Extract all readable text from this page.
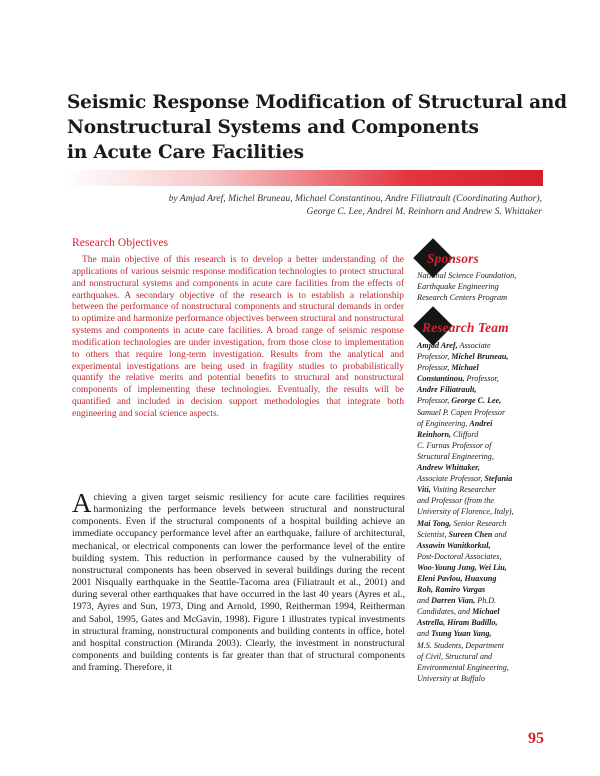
Seismic Response Modification of Structural and
Nonstructural Systems and Components
in Acute Care Facilities
by Amjad Aref, Michel Bruneau, Michael Constantinou, Andre Filiatrault (Coordinating Author),
George C. Lee, Andrei M. Reinhorn and Andrew S. Whittaker
Research Objectives

The main objective of this research is to develop a better understanding of the applications of various seismic response modification technologies to protect structural and nonstructural systems and components in acute care facilities from the effects of earthquakes. A secondary objective of the research is to establish a relationship between the performance of nonstructural components and structural demands in order to optimize and harmonize performance objectives between structural and nonstructural systems and components in acute care facilities. A broad range of seismic response modification technologies are under investigation, from those close to implementation to others that require long-term investigation. Results from the analytical and experimental investigations are being used in fragility studies to probabilistically quantify the relative merits and potential benefits to structural and nonstructural components of implementing these technologies. Eventually, the results will be quantified and included in decision support methodologies that integrate both engineering and social science aspects.

Achieving a given target seismic resiliency for acute care facilities requires harmonizing the performance levels between structural and nonstructural components. Even if the structural components of a hospital building achieve an immediate occupancy performance level after an earthquake, failure of architectural, mechanical, or electrical components can lower the performance level of the entire building system. This reduction in performance caused by the vulnerability of nonstructural components has been observed in several buildings during the recent 2001 Nisqually earthquake in the Seattle-Tacoma area (Filiatrault et al., 2001) and during several other earthquakes that have occurred in the last 40 years (Ayres et al., 1973, Ayres and Sun, 1973, Ding and Arnold, 1990, Reitherman 1994, Reitherman and Sabol, 1995, Gates and McGavin, 1998). Figure 1 illustrates typical investments in structural framing, nonstructural components and building contents in office, hotel and hospital construction (Miranda 2003). Clearly, the investment in nonstructural components and building contents is far greater than that of structural components and framing. Therefore, it

Sponsors
National Science Foundation,
Earthquake Engineering
Research Centers Program
Research Team
Amjad Aref, Associate
Professor, Michel Bruneau,
Professor, Michael
Constantinou, Professor,
Andre Filiatrault,
Professor, George C. Lee,
Samuel P. Capen Professor
of Engineering, Andrei
Reinhorn, Clifford
C. Furnas Professor of
Structural Engineering,
Andrew Whittaker,
Associate Professor, Stefania
Viti, Visiting Researcher
and Professor (from the
University of Florence, Italy),
Mai Tong, Senior Research
Scientist, Sureen Chen and
Assawin Wanitkorkul,
Post-Doctoral Associates,
Woo-Young Jung, Wei Liu,
Eleni Pavlou, Huaxung
Roh, Ramiro Vargas
and Darren Vian, Ph.D.
Candidates, and Michael
Astrella, Hiram Badillo,
and Tsung Yuan Yang,
M.S. Students, Department
of Civil, Structural and
Environmental Engineering,
University at Buffalo
95
